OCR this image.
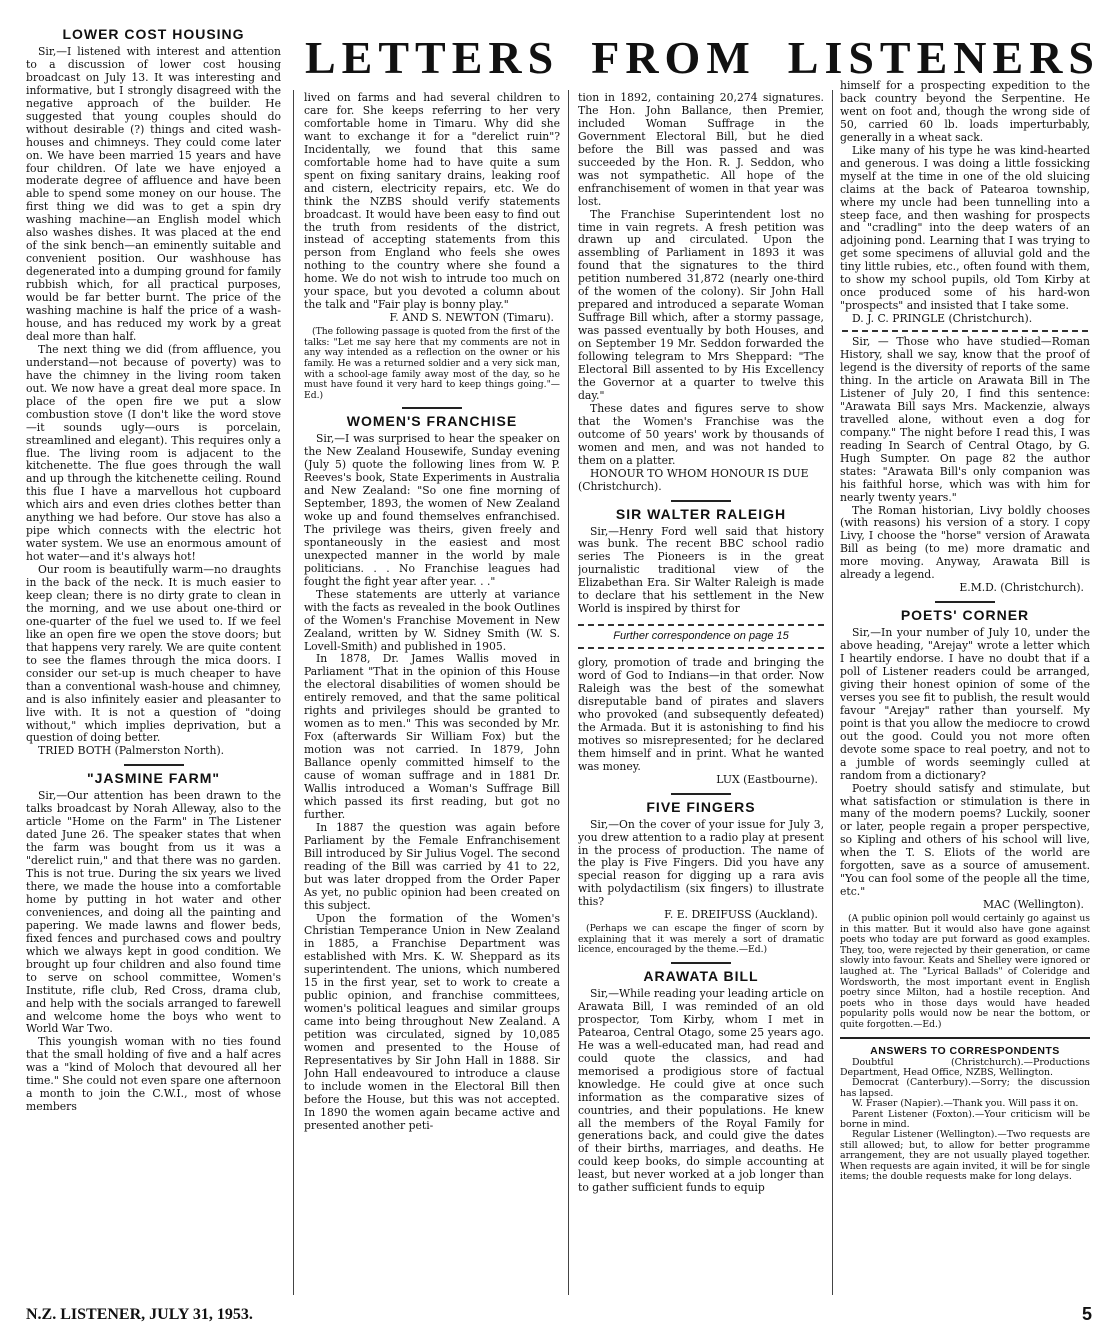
LETTERS FROM LISTENERS
LOWER COST HOUSING

Sir,—I listened with interest and attention to a discussion of lower cost housing broadcast on July 13. It was interesting and informative, but I strongly disagreed with the negative approach of the builder. He suggested that young couples should do without desirable (?) things and cited wash-houses and chimneys. They could come later on. We have been married 15 years and have four children. Of late we have enjoyed a moderate degree of affluence and have been able to spend some money on our house. The first thing we did was to get a spin dry washing machine—an English model which also washes dishes. It was placed at the end of the sink bench—an eminently suitable and convenient position. Our washhouse has degenerated into a dumping ground for family rubbish which, for all practical purposes, would be far better burnt. The price of the washing machine is half the price of a wash-house, and has reduced my work by a great deal more than half.

The next thing we did (from affluence, you understand—not because of poverty) was to have the chimney in the living room taken out. We now have a great deal more space. In place of the open fire we put a slow combustion stove (I don't like the word stove—it sounds ugly—ours is porcelain, streamlined and elegant). This requires only a flue. The living room is adjacent to the kitchenette. The flue goes through the wall and up through the kitchenette ceiling. Round this flue I have a marvellous hot cupboard which airs and even dries clothes better than anything we had before. Our stove has also a pipe which connects with the electric hot water system. We use an enormous amount of hot water—and it's always hot!

Our room is beautifully warm—no draughts in the back of the neck. It is much easier to keep clean; there is no dirty grate to clean in the morning, and we use about one-third or one-quarter of the fuel we used to. If we feel like an open fire we open the stove doors; but that happens very rarely. We are quite content to see the flames through the mica doors. I consider our set-up is much cheaper to have than a conventional wash-house and chimney, and is also infinitely easier and pleasanter to live with. It is not a question of "doing without," which implies deprivation, but a question of doing better.

TRIED BOTH (Palmerston North).

"JASMINE FARM"

Sir,—Our attention has been drawn to the talks broadcast by Norah Alleway, also to the article "Home on the Farm" in The Listener dated June 26. The speaker states that when the farm was bought from us it was a "derelict ruin," and that there was no garden. This is not true. During the six years we lived there, we made the house into a comfortable home by putting in hot water and other conveniences, and doing all the painting and papering. We made lawns and flower beds, fixed fences and purchased cows and poultry which we always kept in good condition. We brought up four children and also found time to serve on school committee, Women's Institute, rifle club, Red Cross, drama club, and help with the socials arranged to farewell and welcome home the boys who went to World War Two.

This youngish woman with no ties found that the small holding of five and a half acres was a "kind of Moloch that devoured all her time." She could not even spare one afternoon a month to join the C.W.I., most of whose members

lived on farms and had several children to care for. She keeps referring to her very comfortable home in Timaru. Why did she want to exchange it for a "derelict ruin"? Incidentally, we found that this same comfortable home had to have quite a sum spent on fixing sanitary drains, leaking roof and cistern, electricity repairs, etc. We do think the NZBS should verify statements broadcast. It would have been easy to find out the truth from residents of the district, instead of accepting statements from this person from England who feels she owes nothing to the country where she found a home. We do not wish to intrude too much on your space, but you devoted a column about the talk and "Fair play is bonny play."

F. AND S. NEWTON (Timaru).

(The following passage is quoted from the first of the talks: "Let me say here that my comments are not in any way intended as a reflection on the owner or his family. He was a returned soldier and a very sick man, with a school-age family away most of the day, so he must have found it very hard to keep things going."—Ed.)

WOMEN'S FRANCHISE

Sir,—I was surprised to hear the speaker on the New Zealand Housewife, Sunday evening (July 5) quote the following lines from W. P. Reeves's book, State Experiments in Australia and New Zealand: "So one fine morning of September, 1893, the women of New Zealand woke up and found themselves enfranchised. The privilege was theirs, given freely and spontaneously in the easiest and most unexpected manner in the world by male politicians. . . No Franchise leagues had fought the fight year after year. . ."

These statements are utterly at variance with the facts as revealed in the book Outlines of the Women's Franchise Movement in New Zealand, written by W. Sidney Smith (W. S. Lovell-Smith) and published in 1905.

In 1878, Dr. James Wallis moved in Parliament "That in the opinion of this House the electoral disabilities of women should be entirely removed, and that the same political rights and privileges should be granted to women as to men." This was seconded by Mr. Fox (afterwards Sir William Fox) but the motion was not carried. In 1879, John Ballance openly committed himself to the cause of woman suffrage and in 1881 Dr. Wallis introduced a Woman's Suffrage Bill which passed its first reading, but got no further.

In 1887 the question was again before Parliament by the Female Enfranchisement Bill introduced by Sir Julius Vogel. The second reading of the Bill was carried by 41 to 22, but was later dropped from the Order Paper As yet, no public opinion had been created on this subject.

Upon the formation of the Women's Christian Temperance Union in New Zealand in 1885, a Franchise Department was established with Mrs. K. W. Sheppard as its superintendent. The unions, which numbered 15 in the first year, set to work to create a public opinion, and franchise committees, women's political leagues and similar groups came into being throughout New Zealand. A petition was circulated, signed by 10,085 women and presented to the House of Representatives by Sir John Hall in 1888. Sir John Hall endeavoured to introduce a clause to include women in the Electoral Bill then before the House, but this was not accepted. In 1890 the women again became active and presented another peti-

tion in 1892, containing 20,274 signatures. The Hon. John Ballance, then Premier, included Woman Suffrage in the Government Electoral Bill, but he died before the Bill was passed and was succeeded by the Hon. R. J. Seddon, who was not sympathetic. All hope of the enfranchisement of women in that year was lost.

The Franchise Superintendent lost no time in vain regrets. A fresh petition was drawn up and circulated. Upon the assembling of Parliament in 1893 it was found that the signatures to the third petition numbered 31,872 (nearly one-third of the women of the colony). Sir John Hall prepared and introduced a separate Woman Suffrage Bill which, after a stormy passage, was passed eventually by both Houses, and on September 19 Mr. Seddon forwarded the following telegram to Mrs Sheppard: "The Electoral Bill assented to by His Excellency the Governor at a quarter to twelve this day."

These dates and figures serve to show that the Women's Franchise was the outcome of 50 years' work by thousands of women and men, and was not handed to them on a platter.

HONOUR TO WHOM HONOUR IS DUE (Christchurch).

SIR WALTER RALEIGH

Sir,—Henry Ford well said that history was bunk. The recent BBC school radio series The Pioneers is in the great journalistic traditional view of the Elizabethan Era. Sir Walter Raleigh is made to declare that his settlement in the New World is inspired by thirst for

Further correspondence on page 15

glory, promotion of trade and bringing the word of God to Indians—in that order. Now Raleigh was the best of the somewhat disreputable band of pirates and slavers who provoked (and subsequently defeated) the Armada. But it is astonishing to find his motives so misrepresented; for he declared them himself and in print. What he wanted was money.

LUX (Eastbourne).

FIVE FINGERS

Sir,—On the cover of your issue for July 3, you drew attention to a radio play at present in the process of production. The name of the play is Five Fingers. Did you have any special reason for digging up a rara avis with polydactilism (six fingers) to illustrate this?

F. E. DREIFUSS (Auckland).

(Perhaps we can escape the finger of scorn by explaining that it was merely a sort of dramatic licence, encouraged by the theme.—Ed.)

ARAWATA BILL

Sir,—While reading your leading article on Arawata Bill, I was reminded of an old prospector, Tom Kirby, whom I met in Patearoa, Central Otago, some 25 years ago. He was a well-educated man, had read and could quote the classics, and had memorised a prodigious store of factual knowledge. He could give at once such information as the comparative sizes of countries, and their populations. He knew all the members of the Royal Family for generations back, and could give the dates of their births, marriages, and deaths. He could keep books, do simple accounting at least, but never worked at a job longer than to gather sufficient funds to equip

himself for a prospecting expedition to the back country beyond the Serpentine. He went on foot and, though the wrong side of 50, carried 60 lb. loads imperturbably, generally in a wheat sack.

Like many of his type he was kind-hearted and generous. I was doing a little fossicking myself at the time in one of the old sluicing claims at the back of Patearoa township, where my uncle had been tunnelling into a steep face, and then washing for prospects and "cradling" into the deep waters of an adjoining pond. Learning that I was trying to get some specimens of alluvial gold and the tiny little rubies, etc., often found with them, to show my school pupils, old Tom Kirby at once produced some of his hard-won "prospects" and insisted that I take some.

D. J. C. PRINGLE (Christchurch).

Sir, — Those who have studied—Roman History, shall we say, know that the proof of legend is the diversity of reports of the same thing. In the article on Arawata Bill in The Listener of July 20, I find this sentence: "Arawata Bill says Mrs. Mackenzie, always travelled alone, without even a dog for company." The night before I read this, I was reading In Search of Central Otago, by G. Hugh Sumpter. On page 82 the author states: "Arawata Bill's only companion was his faithful horse, which was with him for nearly twenty years."

The Roman historian, Livy boldly chooses (with reasons) his version of a story. I copy Livy, I choose the "horse" version of Arawata Bill as being (to me) more dramatic and more moving. Anyway, Arawata Bill is already a legend.

E.M.D. (Christchurch).

POETS' CORNER

Sir,—In your number of July 10, under the above heading, "Arejay" wrote a letter which I heartily endorse. I have no doubt that if a poll of Listener readers could be arranged, giving their honest opinion of some of the verses you see fit to publish, the result would favour "Arejay" rather than yourself. My point is that you allow the mediocre to crowd out the good. Could you not more often devote some space to real poetry, and not to a jumble of words seemingly culled at random from a dictionary?

Poetry should satisfy and stimulate, but what satisfaction or stimulation is there in many of the modern poems? Luckily, sooner or later, people regain a proper perspective, so Kipling and others of his school will live, when the T. S. Eliots of the world are forgotten, save as a source of amusement. "You can fool some of the people all the time, etc."

MAC (Wellington).

(A public opinion poll would certainly go against us in this matter. But it would also have gone against poets who today are put forward as good examples. They, too, were rejected by their generation, or came slowly into favour. Keats and Shelley were ignored or laughed at. The "Lyrical Ballads" of Coleridge and Wordsworth, the most important event in English poetry since Milton, had a hostile reception. And poets who in those days would have headed popularity polls would now be near the bottom, or quite forgotten.—Ed.)

ANSWERS TO CORRESPONDENTS

Doubtful (Christchurch).—Productions Department, Head Office, NZBS, Wellington.

Democrat (Canterbury).—Sorry; the discussion has lapsed.

W. Fraser (Napier).—Thank you. Will pass it on.

Parent Listener (Foxton).—Your criticism will be borne in mind.

Regular Listener (Wellington).—Two requests are still allowed; but, to allow for better programme arrangement, they are not usually played together. When requests are again invited, it will be for single items; the double requests make for long delays.

N.Z. LISTENER, JULY 31, 1953.	5
